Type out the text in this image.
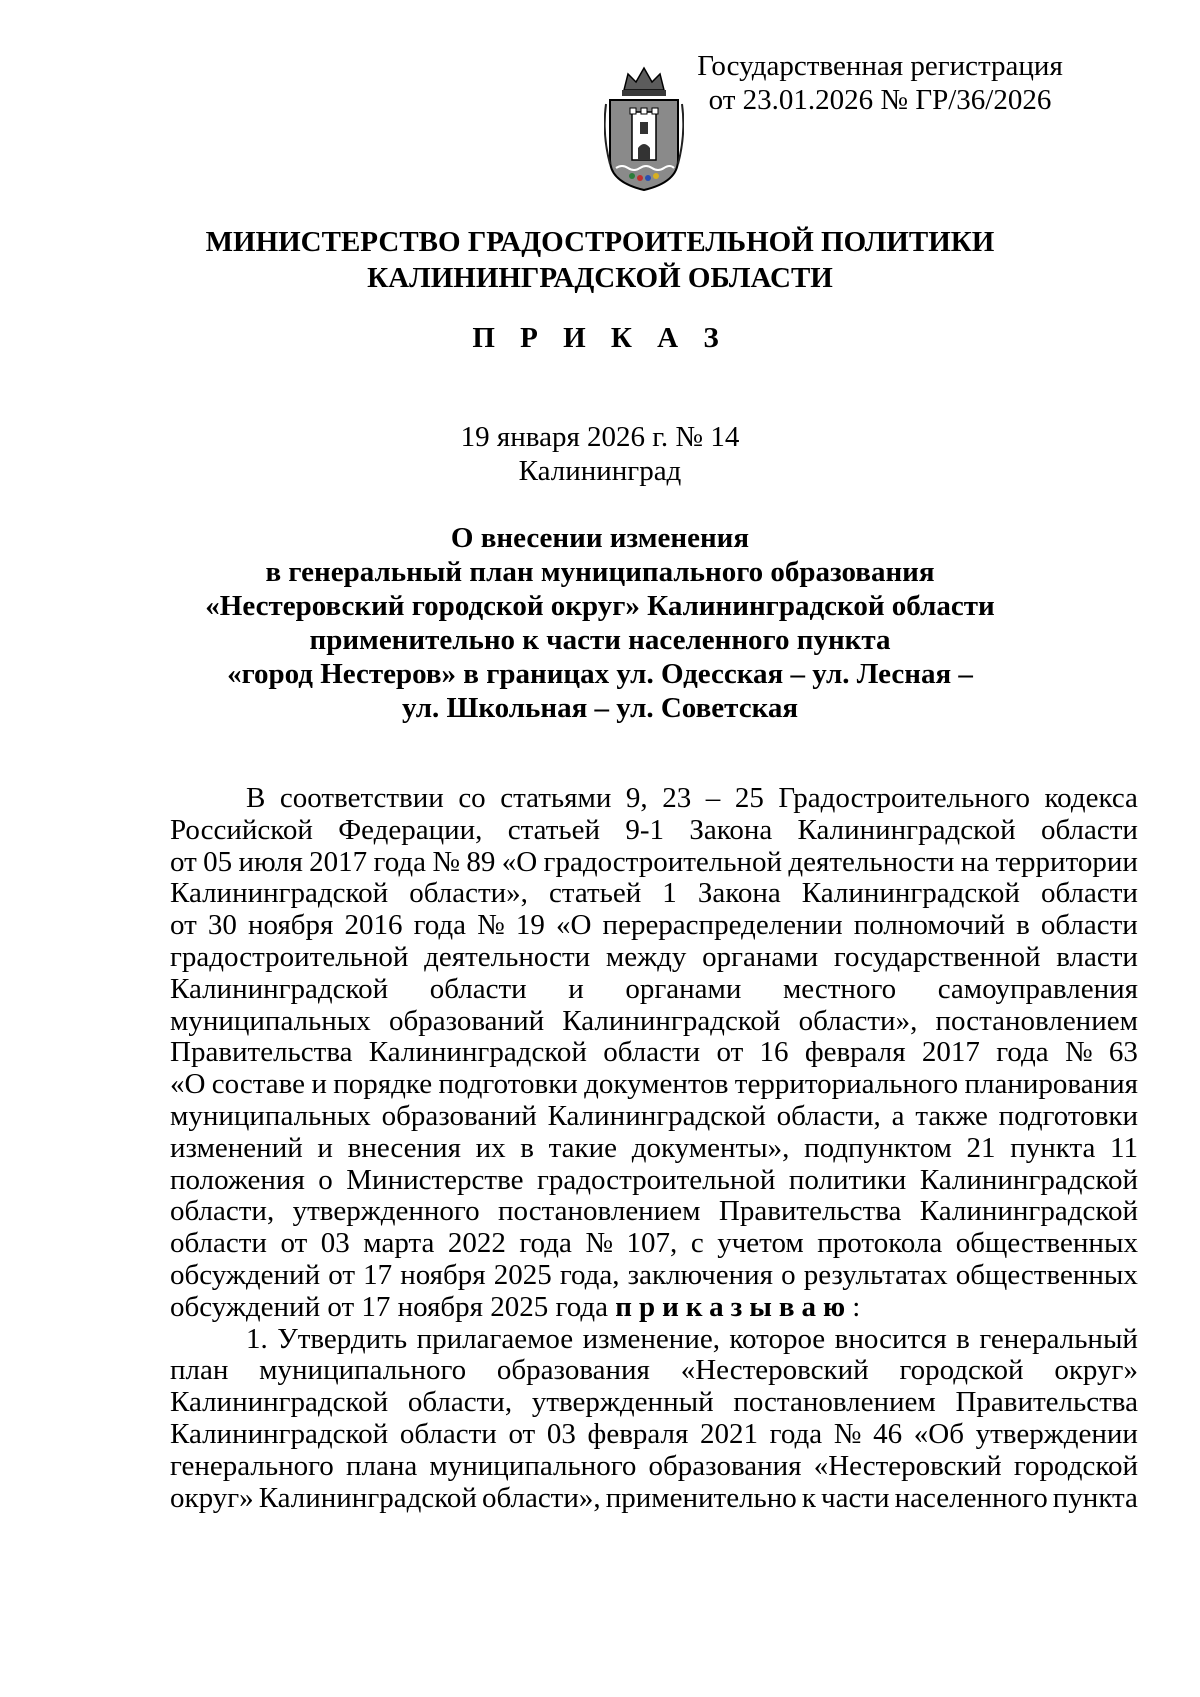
Государственная регистрация
от 23.01.2026 № ГР/36/2026
МИНИСТЕРСТВО ГРАДОСТРОИТЕЛЬНОЙ ПОЛИТИКИ
КАЛИНИНГРАДСКОЙ ОБЛАСТИ
П Р И К А З
19 января 2026 г. № 14
Калининград
О внесении изменения
в генеральный план муниципального образования
«Нестеровский городской округ» Калининградской области
применительно к части населенного пункта
«город Нестеров» в границах ул. Одесская – ул. Лесная –
ул. Школьная – ул. Советская
В соответствии со статьями 9, 23 – 25 Градостроительного кодекса
Российской Федерации, статьей 9-1 Закона Калининградской области
от 05 июля 2017 года № 89 «О градостроительной деятельности на территории
Калининградской области», статьей 1 Закона Калининградской области
от 30 ноября 2016 года № 19 «О перераспределении полномочий в области
градостроительной деятельности между органами государственной власти
Калининградской области и органами местного самоуправления
муниципальных образований Калининградской области», постановлением
Правительства Калининградской области от 16 февраля 2017 года № 63
«О составе и порядке подготовки документов территориального планирования
муниципальных образований Калининградской области, а также подготовки
изменений и внесения их в такие документы», подпунктом 21 пункта 11
положения о Министерстве градостроительной политики Калининградской
области, утвержденного постановлением Правительства Калининградской
области от 03 марта 2022 года № 107, с учетом протокола общественных
обсуждений от 17 ноября 2025 года, заключения о результатах общественных
обсуждений от 17 ноября 2025 года
приказываю :
1. Утвердить прилагаемое изменение, которое вносится в генеральный
план муниципального образования «Нестеровский городской округ»
Калининградской области, утвержденный постановлением Правительства
Калининградской области от 03 февраля 2021 года № 46 «Об утверждении
генерального плана муниципального образования «Нестеровский городской
округ» Калининградской области», применительно к части населенного пункта
